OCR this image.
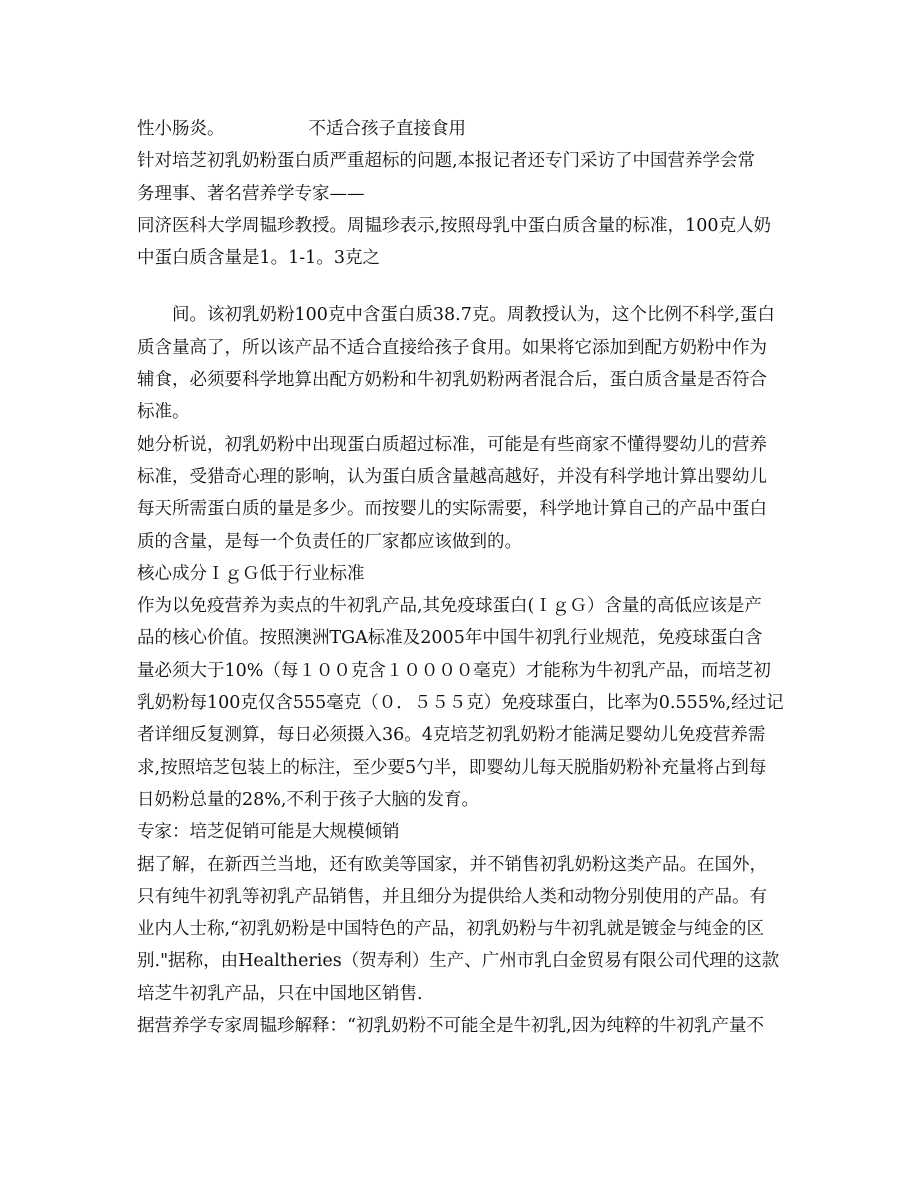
性小肠炎。	不适合孩子直接食用
针对培芝初乳奶粉蛋白质严重超标的问题,本报记者还专门采访了中国营养学会常
务理事、著名营养学专家——
同济医科大学周韫珍教授。周韫珍表示,按照母乳中蛋白质含量的标准，100克人奶
中蛋白质含量是1。1-1。3克之
间。该初乳奶粉100克中含蛋白质38.7克。周教授认为，这个比例不科学,蛋白
质含量高了，所以该产品不适合直接给孩子食用。如果将它添加到配方奶粉中作为
辅食，必须要科学地算出配方奶粉和牛初乳奶粉两者混合后，蛋白质含量是否符合
标准。
她分析说，初乳奶粉中出现蛋白质超过标准，可能是有些商家不懂得婴幼儿的营养
标准，受猎奇心理的影响，认为蛋白质含量越高越好，并没有科学地计算出婴幼儿
每天所需蛋白质的量是多少。而按婴儿的实际需要，科学地计算自己的产品中蛋白
质的含量，是每一个负责任的厂家都应该做到的。
核心成分ＩｇＧ低于行业标准
作为以免疫营养为卖点的牛初乳产品,其免疫球蛋白(ＩｇＧ）含量的高低应该是产
品的核心价值。按照澳洲TGA标准及2005年中国牛初乳行业规范，免疫球蛋白含
量必须大于10%（每１００克含１００００毫克）才能称为牛初乳产品，而培芝初
乳奶粉每100克仅含555毫克（０．５５５克）免疫球蛋白，比率为0.555%,经过记
者详细反复测算，每日必须摄入36。4克培芝初乳奶粉才能满足婴幼儿免疫营养需
求,按照培芝包装上的标注，至少要5勺半，即婴幼儿每天脱脂奶粉补充量将占到每
日奶粉总量的28%,不利于孩子大脑的发育。
专家：培芝促销可能是大规模倾销
据了解，在新西兰当地，还有欧美等国家，并不销售初乳奶粉这类产品。在国外，
只有纯牛初乳等初乳产品销售，并且细分为提供给人类和动物分别使用的产品。有
业内人士称,“初乳奶粉是中国特色的产品，初乳奶粉与牛初乳就是镀金与纯金的区
别."据称，由Healtheries（贺寿利）生产、广州市乳白金贸易有限公司代理的这款
培芝牛初乳产品，只在中国地区销售.
据营养学专家周韫珍解释：“初乳奶粉不可能全是牛初乳,因为纯粹的牛初乳产量不
